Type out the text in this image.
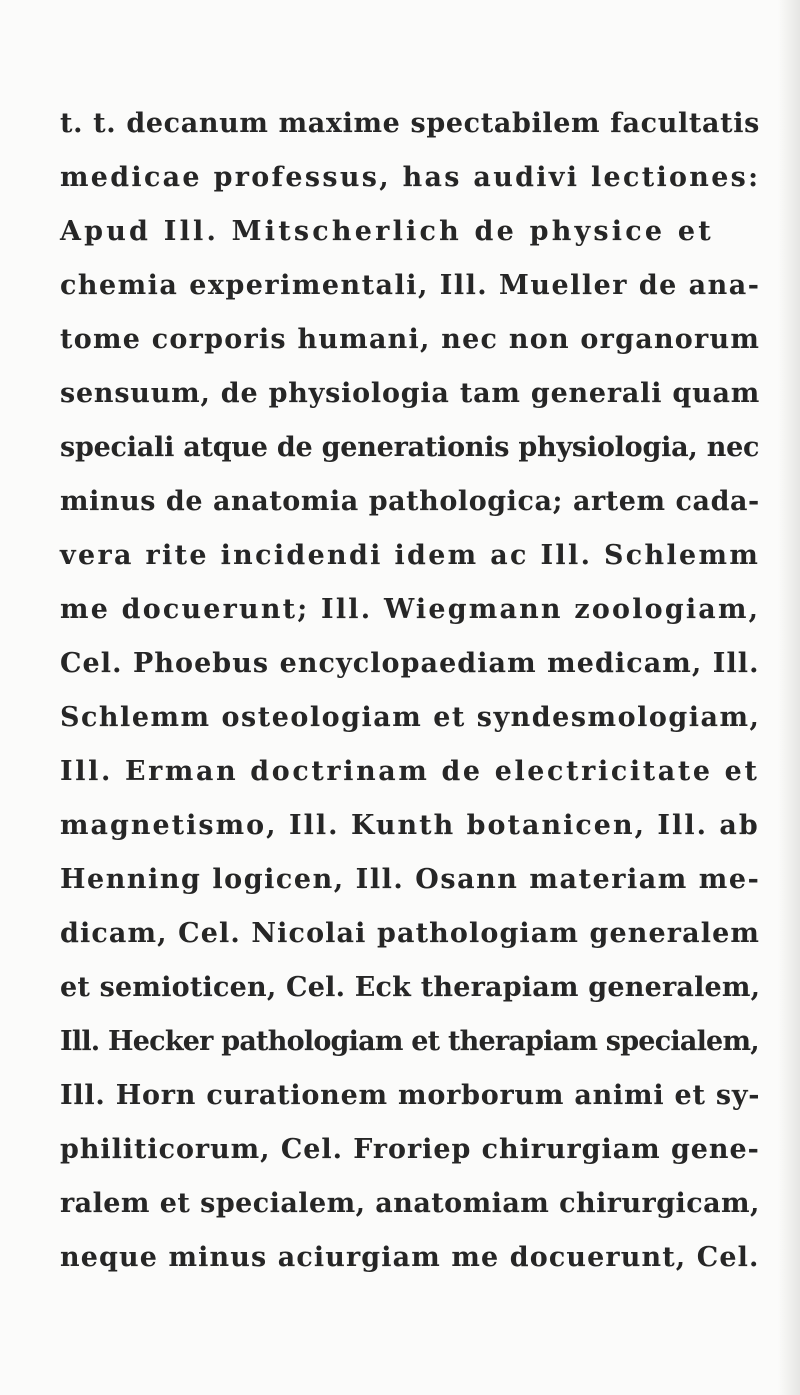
t. t. decanum maxime spectabilem facultatis
medicae professus, has audivi lectiones:
Apud Ill. Mitscherlich de physice et
chemia experimentali, Ill. Mueller de ana-
tome corporis humani, nec non organorum
sensuum, de physiologia tam generali quam
speciali atque de generationis physiologia, nec
minus de anatomia pathologica; artem cada-
vera rite incidendi idem ac Ill. Schlemm
me docuerunt; Ill. Wiegmann zoologiam,
Cel. Phoebus encyclopaediam medicam, Ill.
Schlemm osteologiam et syndesmologiam,
Ill. Erman doctrinam de electricitate et
magnetismo, Ill. Kunth botanicen, Ill. ab
Henning logicen, Ill. Osann materiam me-
dicam, Cel. Nicolai pathologiam generalem
et semioticen, Cel. Eck therapiam generalem,
Ill. Hecker pathologiam et therapiam specialem,
Ill. Horn curationem morborum animi et sy-
philiticorum, Cel. Froriep chirurgiam gene-
ralem et specialem, anatomiam chirurgicam,
neque minus aciurgiam me docuerunt, Cel.
